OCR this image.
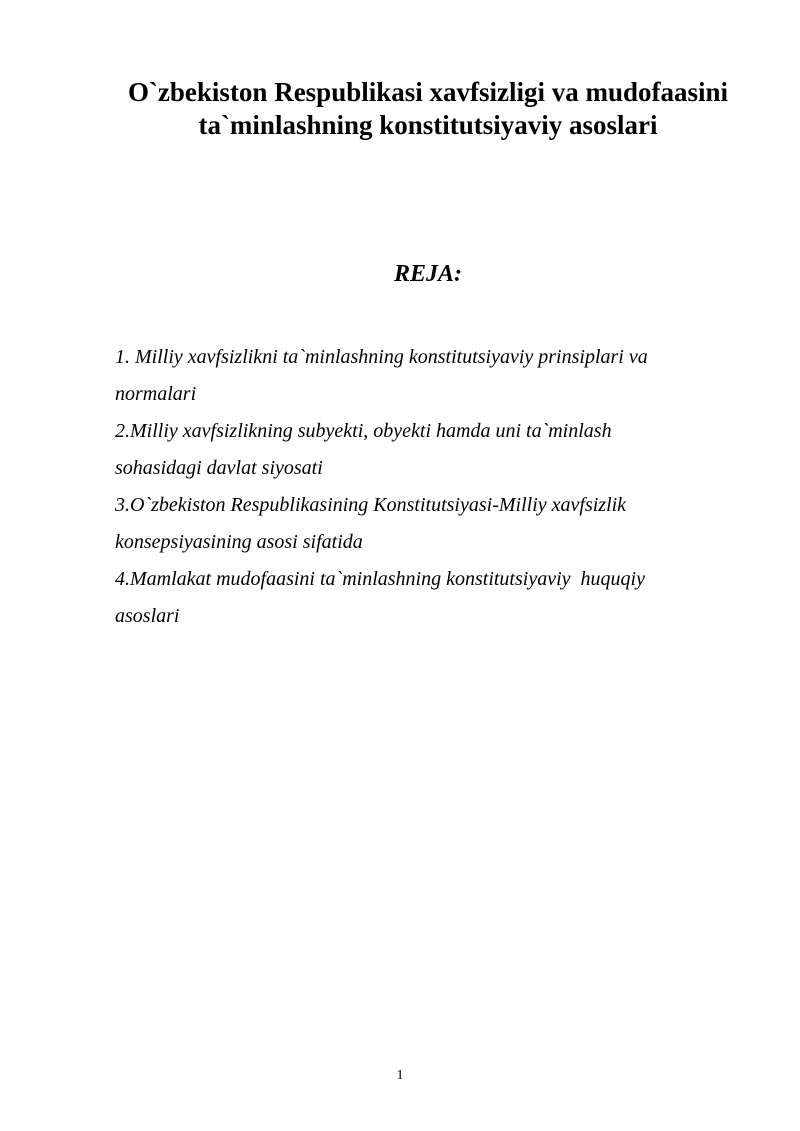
O`zbekiston Respublikasi xavfsizligi va mudofaasini
ta`minlashning konstitutsiyaviy asoslari
REJA:
1. Milliy xavfsizlikni ta`minlashning konstitutsiyaviy prinsiplari va
normalari
2.Milliy xavfsizlikning subyekti, obyekti hamda uni ta`minlash
sohasidagi davlat siyosati
3.O`zbekiston Respublikasining Konstitutsiyasi-Milliy xavfsizlik
konsepsiyasining asosi sifatida
4.Mamlakat mudofaasini ta`minlashning konstitutsiyaviy  huquqiy
asoslari
1
